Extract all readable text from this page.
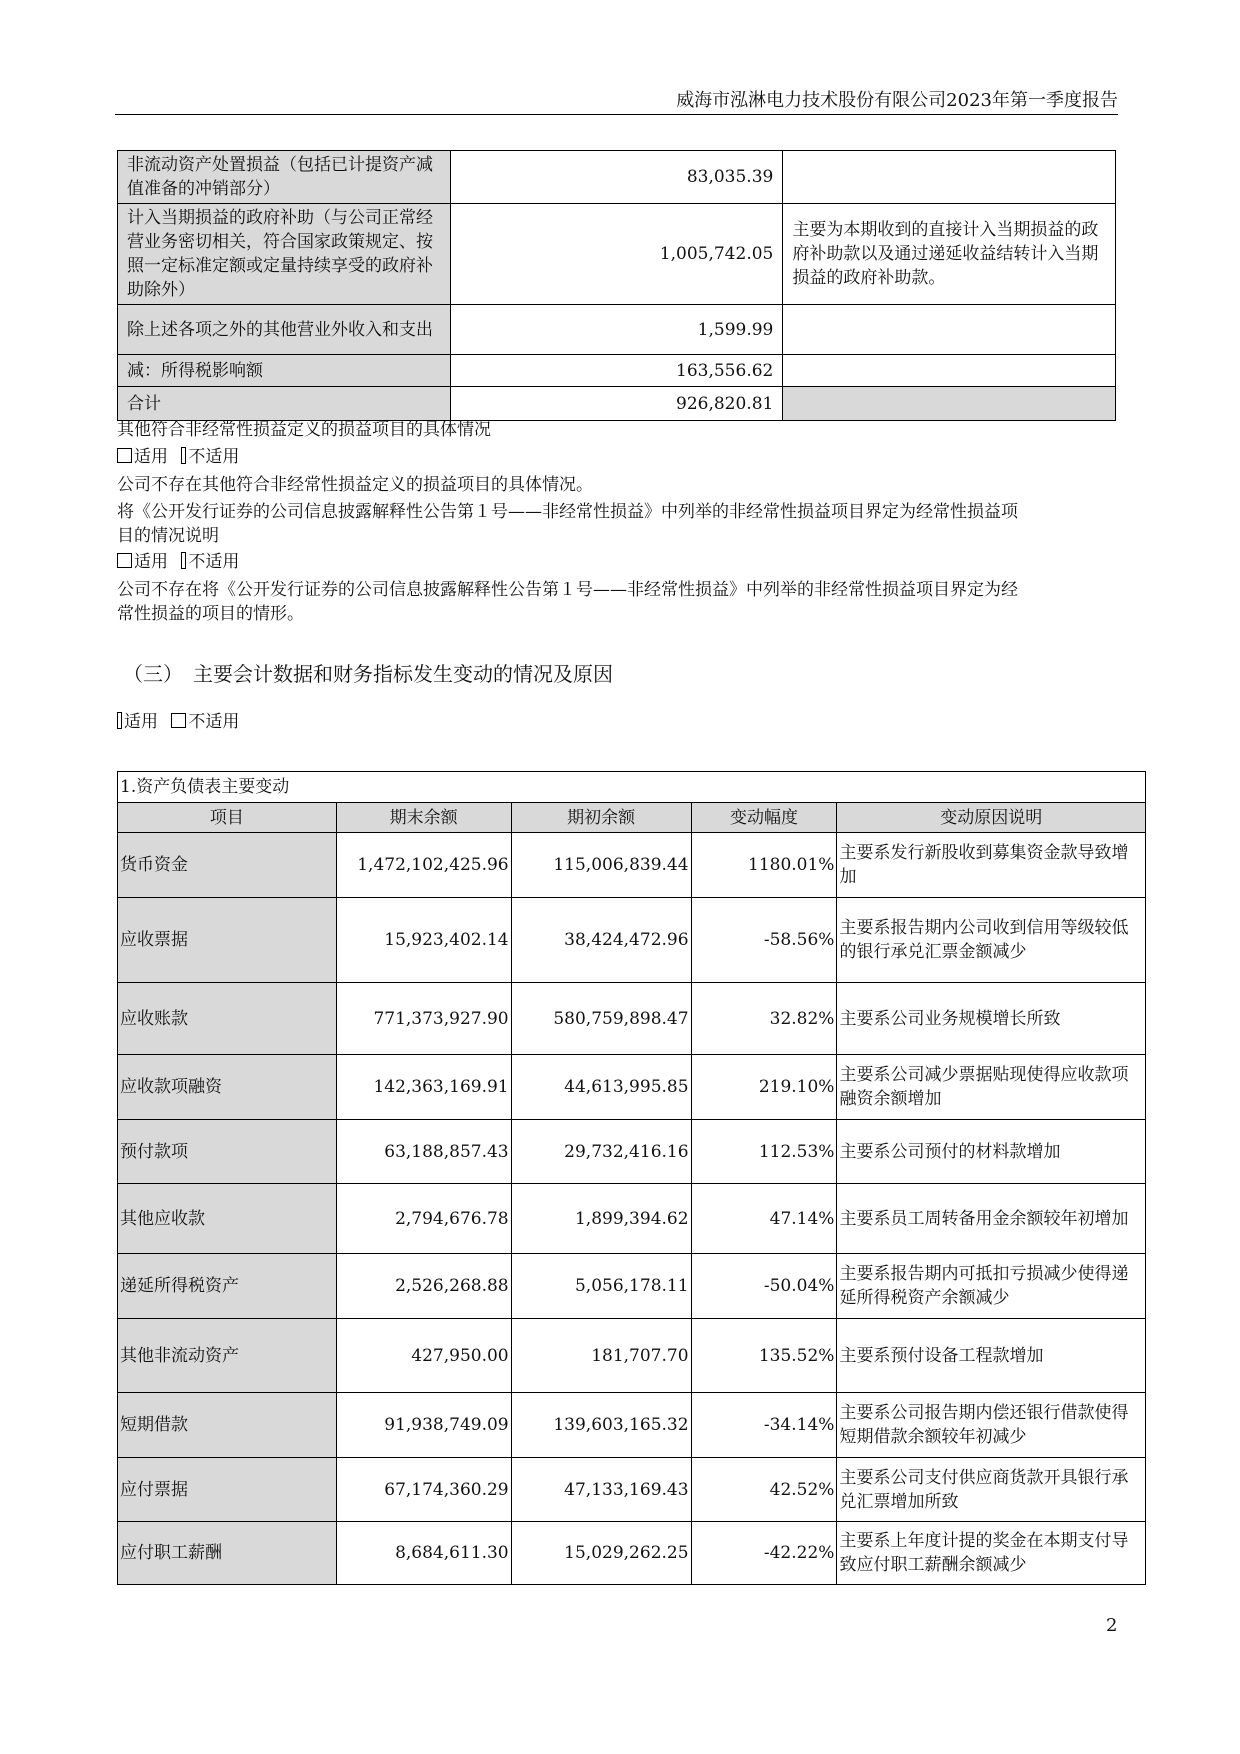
威海市泓淋电力技术股份有限公司2023年第一季度报告
非流动资产处置损益（包括已计提资产减值准备的冲销部分）	83,035.39	
计入当期损益的政府补助（与公司正常经营业务密切相关，符合国家政策规定、按照一定标准定额或定量持续享受的政府补助除外）	1,005,742.05	主要为本期收到的直接计入当期损益的政府补助款以及通过递延收益结转计入当期损益的政府补助款。
除上述各项之外的其他营业外收入和支出	1,599.99	
减：所得税影响额	163,556.62	
合计	926,820.81	
其他符合非经常性损益定义的损益项目的具体情况
适用 不适用
公司不存在其他符合非经常性损益定义的损益项目的具体情况。
将《公开发行证券的公司信息披露解释性公告第１号——非经常性损益》中列举的非经常性损益项目界定为经常性损益项
目的情况说明
适用 不适用
公司不存在将《公开发行证券的公司信息披露解释性公告第１号——非经常性损益》中列举的非经常性损益项目界定为经
常性损益的项目的情形。
（三）　主要会计数据和财务指标发生变动的情况及原因
适用 不适用
1.资产负债表主要变动				
项目	期末余额	期初余额	变动幅度	变动原因说明
货币资金	1,472,102,425.96	115,006,839.44	1180.01%	主要系发行新股收到募集资金款导致增加
应收票据	15,923,402.14	38,424,472.96	-58.56%	主要系报告期内公司收到信用等级较低的银行承兑汇票金额减少
应收账款	771,373,927.90	580,759,898.47	32.82%	主要系公司业务规模增长所致
应收款项融资	142,363,169.91	44,613,995.85	219.10%	主要系公司减少票据贴现使得应收款项融资余额增加
预付款项	63,188,857.43	29,732,416.16	112.53%	主要系公司预付的材料款增加
其他应收款	2,794,676.78	1,899,394.62	47.14%	主要系员工周转备用金余额较年初增加
递延所得税资产	2,526,268.88	5,056,178.11	-50.04%	主要系报告期内可抵扣亏损减少使得递延所得税资产余额减少
其他非流动资产	427,950.00	181,707.70	135.52%	主要系预付设备工程款增加
短期借款	91,938,749.09	139,603,165.32	-34.14%	主要系公司报告期内偿还银行借款使得短期借款余额较年初减少
应付票据	67,174,360.29	47,133,169.43	42.52%	主要系公司支付供应商货款开具银行承兑汇票增加所致
应付职工薪酬	8,684,611.30	15,029,262.25	-42.22%	主要系上年度计提的奖金在本期支付导致应付职工薪酬余额减少
2
